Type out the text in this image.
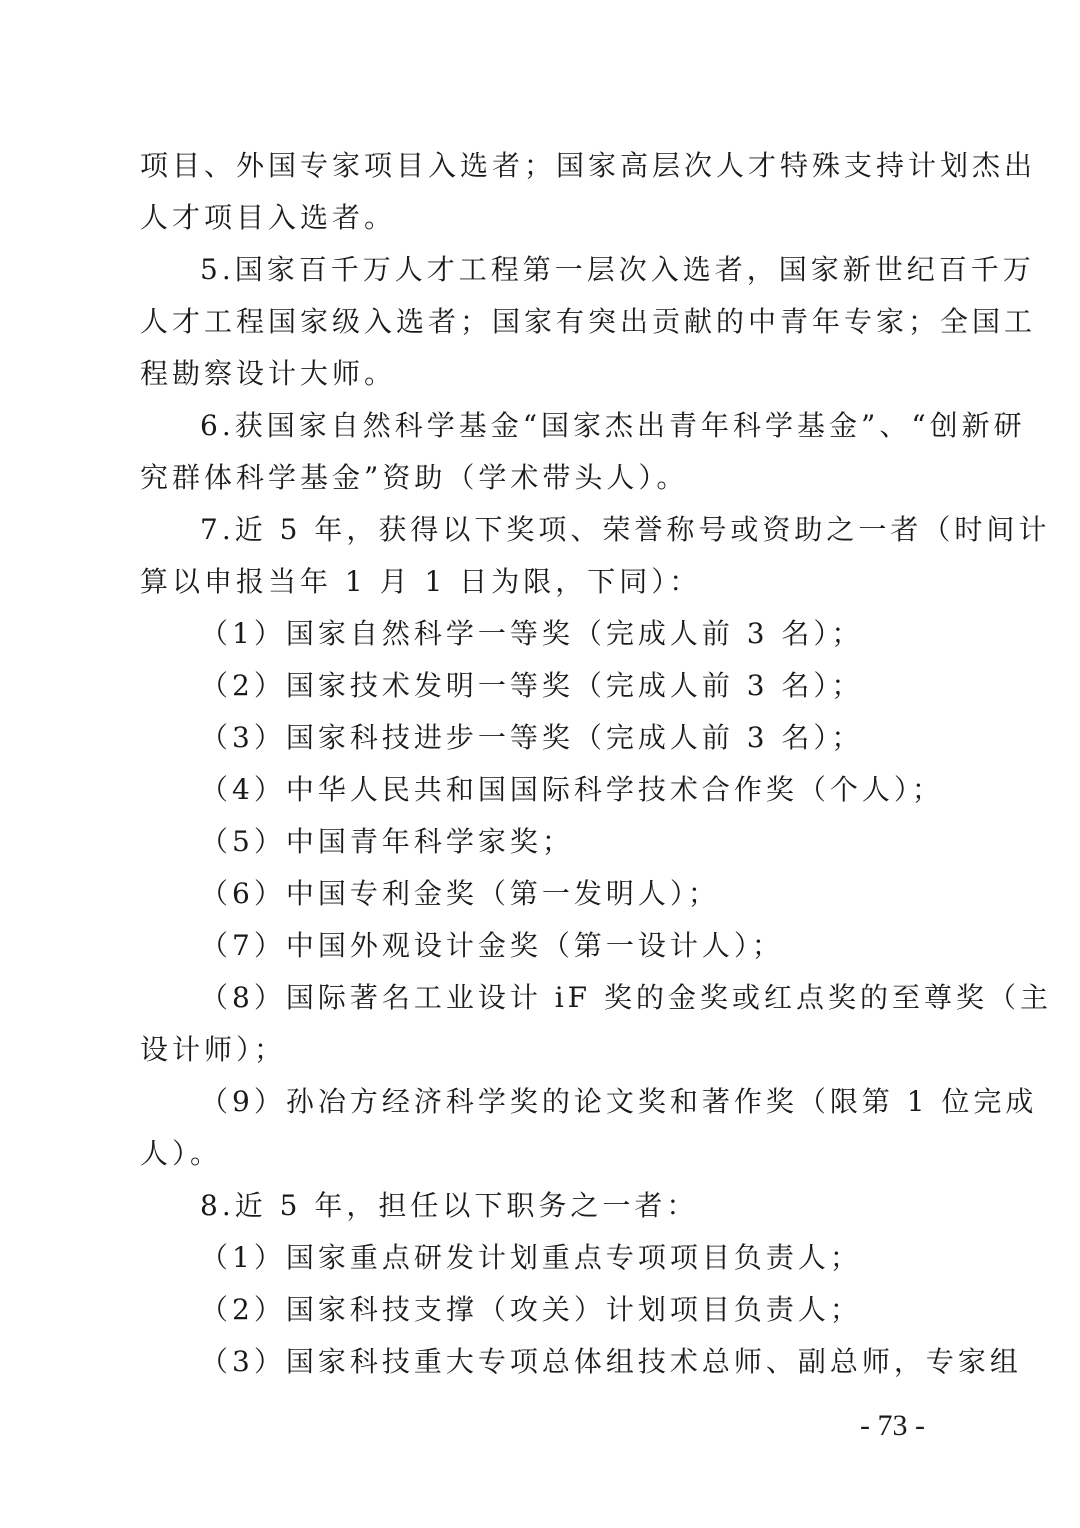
项目、外国专家项目入选者；国家高层次人才特殊支持计划杰出
人才项目入选者。
5.国家百千万人才工程第一层次入选者，国家新世纪百千万
人才工程国家级入选者；国家有突出贡献的中青年专家；全国工
程勘察设计大师。
6.获国家自然科学基金“国家杰出青年科学基金”、“创新研
究群体科学基金”资助（学术带头人）。
7.近 5 年，获得以下奖项、荣誉称号或资助之一者（时间计
算以申报当年 1 月 1 日为限，下同）：
（1）国家自然科学一等奖（完成人前 3 名）；
（2）国家技术发明一等奖（完成人前 3 名）；
（3）国家科技进步一等奖（完成人前 3 名）；
（4）中华人民共和国国际科学技术合作奖（个人）；
（5）中国青年科学家奖；
（6）中国专利金奖（第一发明人）；
（7）中国外观设计金奖（第一设计人）；
（8）国际著名工业设计 iF 奖的金奖或红点奖的至尊奖（主
设计师）；
（9）孙冶方经济科学奖的论文奖和著作奖（限第 1 位完成
人）。
8.近 5 年，担任以下职务之一者：
（1）国家重点研发计划重点专项项目负责人；
（2）国家科技支撑（攻关）计划项目负责人；
（3）国家科技重大专项总体组技术总师、副总师，专家组
- 73 -
